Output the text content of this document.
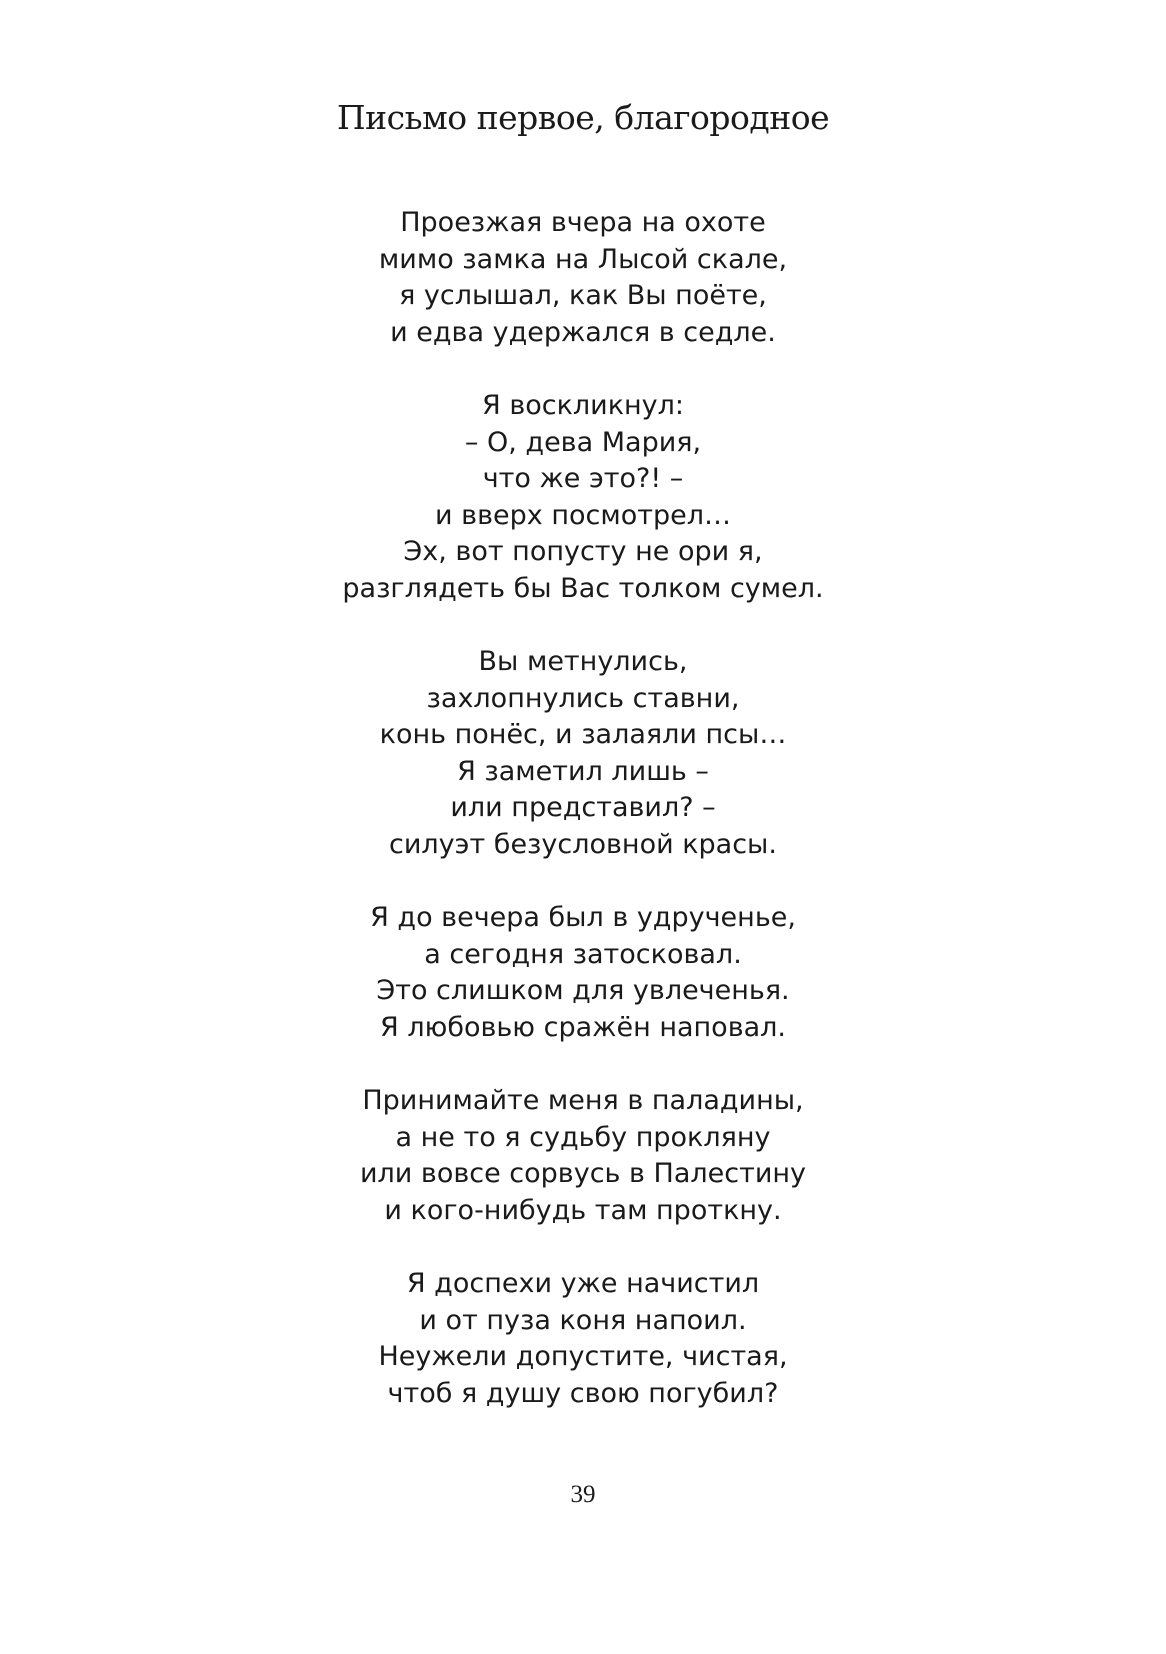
Письмо первое, благородное
Проезжая вчера на охоте
мимо замка на Лысой скале,
я услышал, как Вы поёте,
и едва удержался в седле.
Я воскликнул:
– О, дева Мария,
что же это?! –
и вверх посмотрел…
Эх, вот попусту не ори я,
разглядеть бы Вас толком сумел.
Вы метнулись,
захлопнулись ставни,
конь понёс, и залаяли псы…
Я заметил лишь –
или представил? –
силуэт безусловной красы.
Я до вечера был в удрученье,
а сегодня затосковал.
Это слишком для увлеченья.
Я любовью сражён наповал.
Принимайте меня в паладины,
а не то я судьбу прокляну
или вовсе сорвусь в Палестину
и кого-нибудь там проткну.
Я доспехи уже начистил
и от пуза коня напоил.
Неужели допустите, чистая,
чтоб я душу свою погубил?
39
